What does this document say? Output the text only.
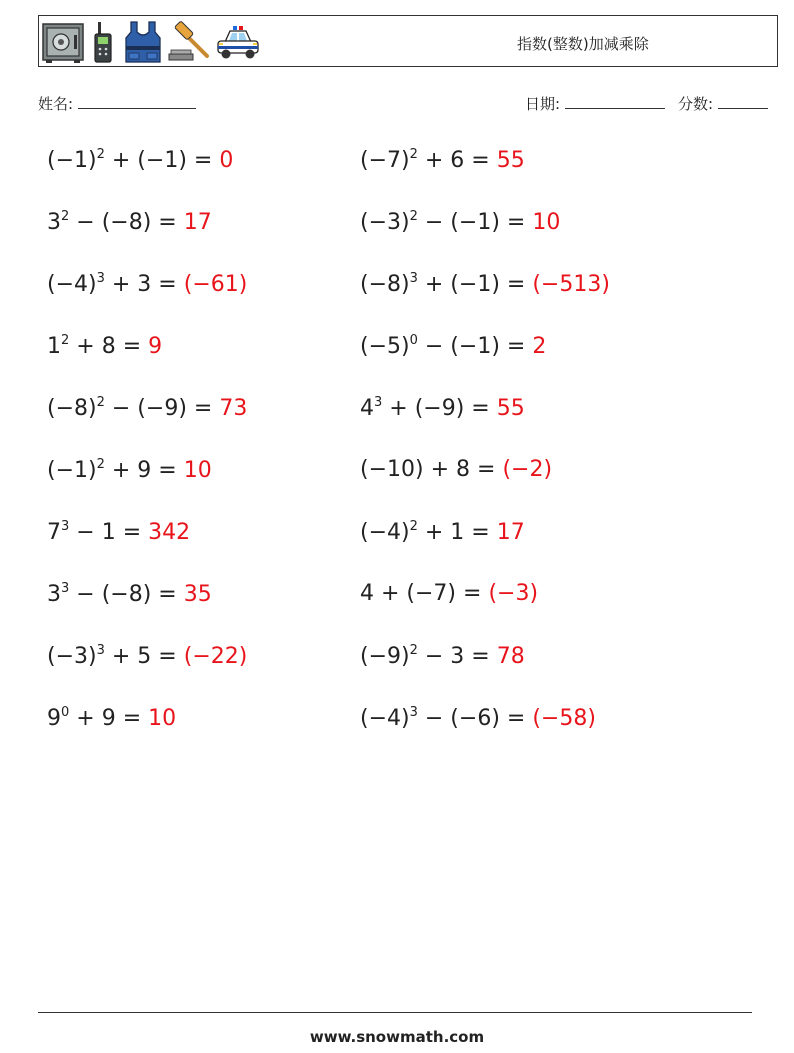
指数(整数)加减乘除
姓名:	日期:	分数:
$(-1)^2 + (-1) = 0$	$(-7)^2 + 6 = 55$
$3^2 - (-8) = 17$	$(-3)^2 - (-1) = 10$
$(-4)^3 + 3 = (-61)$	$(-8)^3 + (-1) = (-513)$
$1^2 + 8 = 9$	$(-5)^0 - (-1) = 2$
$(-8)^2 - (-9) = 73$	$4^3 + (-9) = 55$
$(-1)^2 + 9 = 10$	(−10) + 8 = (−2)
$7^3 - 1 = 342$	$(-4)^2 + 1 = 17$
$3^3 - (-8) = 35$	4 + (−7) = (−3)
$(-3)^3 + 5 = (-22)$	$(-9)^2 - 3 = 78$
$9^0 + 9 = 10$	$(-4)^3 - (-6) = (-58)$
www.snowmath.com
